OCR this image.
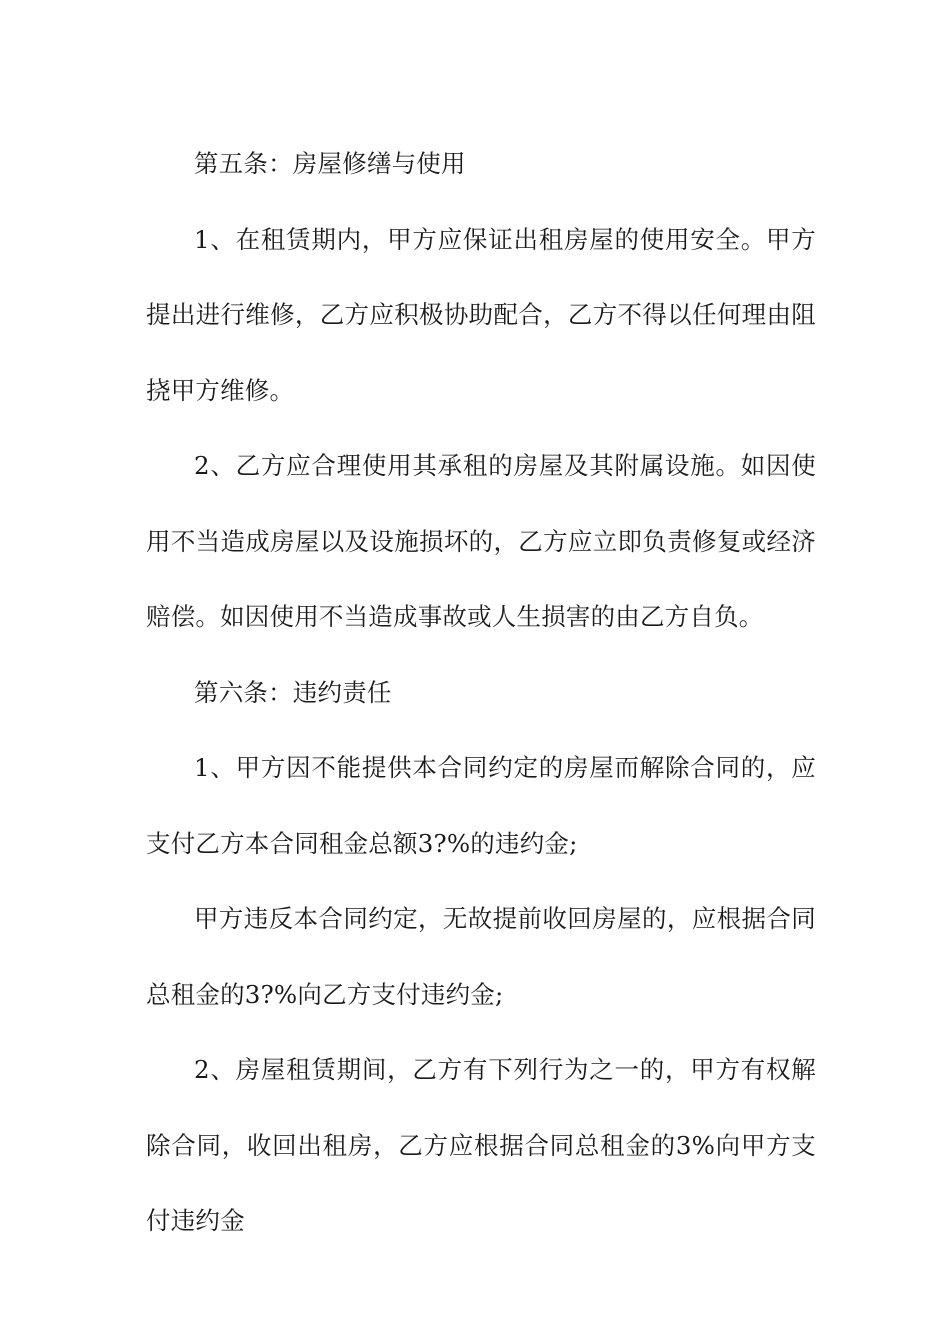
第五条：房屋修缮与使用

1、在租赁期内，甲方应保证出租房屋的使用安全。甲方提出进行维修，乙方应积极协助配合，乙方不得以任何理由阻挠甲方维修。

2、乙方应合理使用其承租的房屋及其附属设施。如因使用不当造成房屋以及设施损坏的，乙方应立即负责修复或经济赔偿。如因使用不当造成事故或人生损害的由乙方自负。

第六条：违约责任

1、甲方因不能提供本合同约定的房屋而解除合同的，应支付乙方本合同租金总额3?%的违约金;

甲方违反本合同约定，无故提前收回房屋的，应根据合同总租金的3?%向乙方支付违约金;

2、房屋租赁期间，乙方有下列行为之一的，甲方有权解除合同，收回出租房，乙方应根据合同总租金的3%向甲方支付违约金
